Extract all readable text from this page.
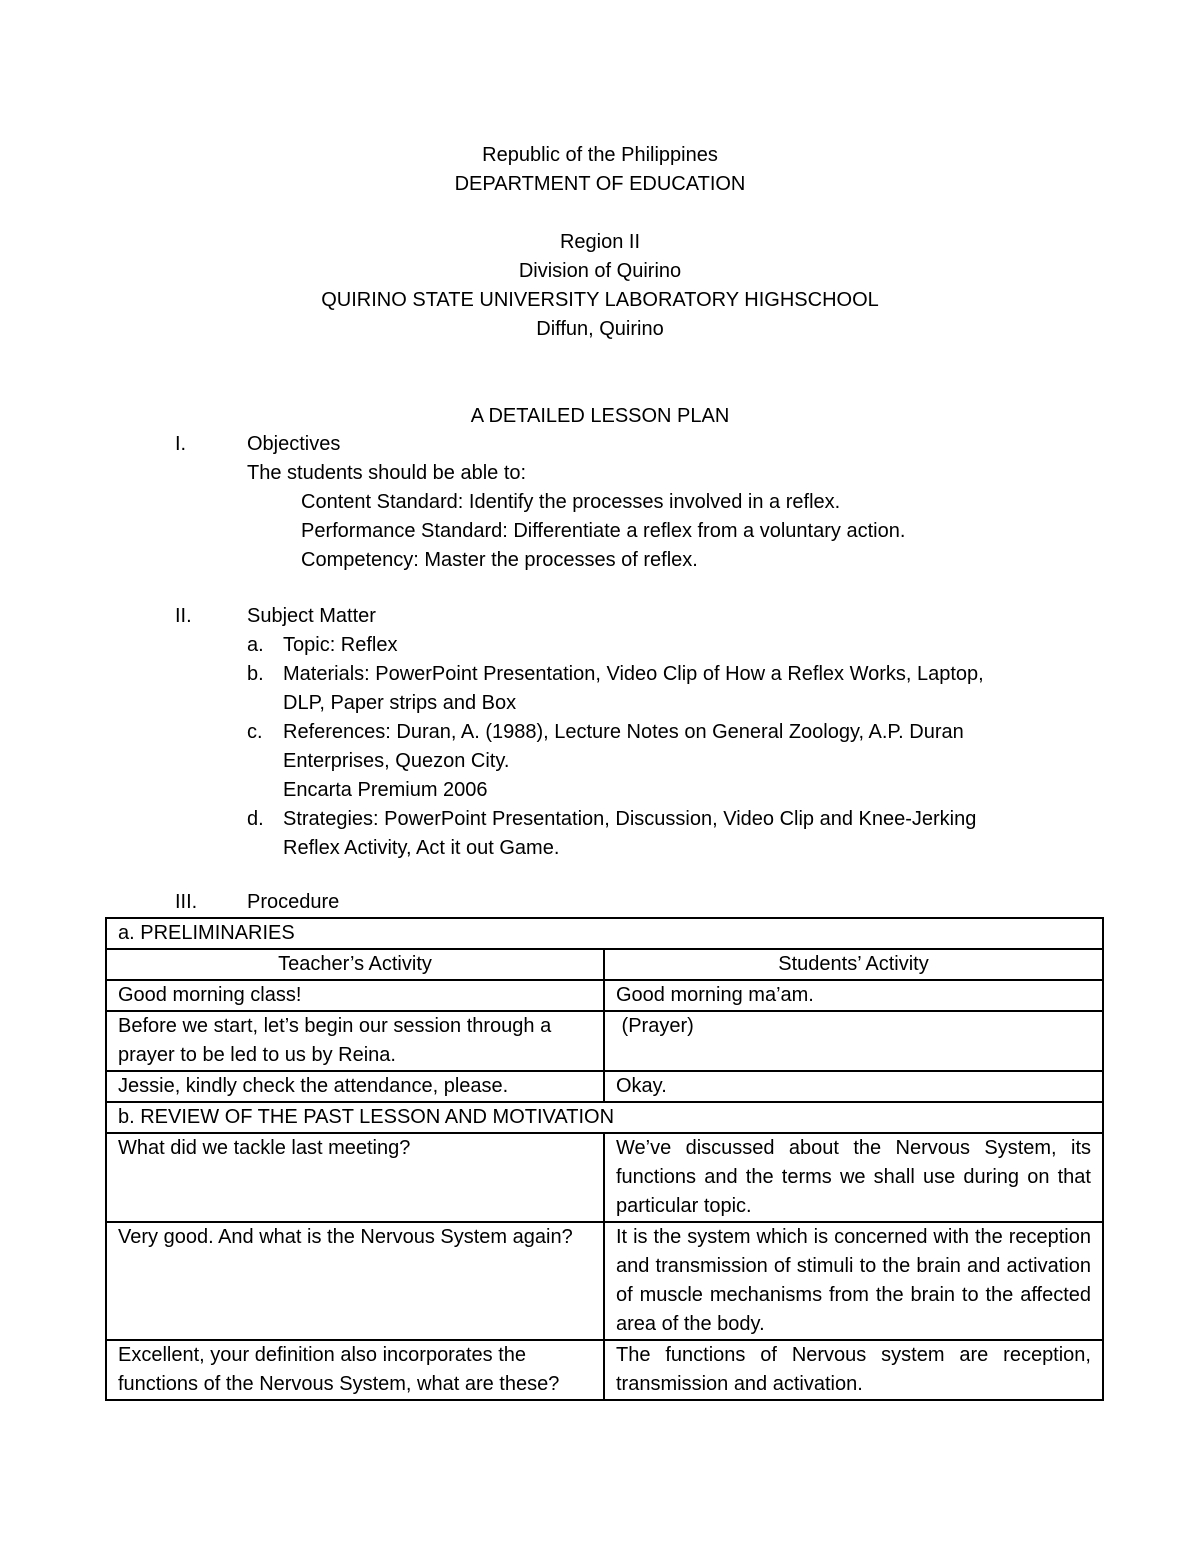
Republic of the Philippines
DEPARTMENT OF EDUCATION
Region II
Division of Quirino
QUIRINO STATE UNIVERSITY LABORATORY HIGHSCHOOL
Diffun, Quirino
A DETAILED LESSON PLAN
I.	Objectives
The students should be able to:
Content Standard: Identify the processes involved in a reflex.
Performance Standard: Differentiate a reflex from a voluntary action.
Competency: Master the processes of reflex.
II.	Subject Matter
a. Topic: Reflex
b. Materials: PowerPoint Presentation, Video Clip of How a Reflex Works, Laptop,
DLP, Paper strips and Box
c. References: Duran, A. (1988), Lecture Notes on General Zoology, A.P. Duran
Enterprises, Quezon City.
Encarta Premium 2006
d. Strategies: PowerPoint Presentation, Discussion, Video Clip and Knee-Jerking
Reflex Activity, Act it out Game.
III. Procedure
a. PRELIMINARIES	
Teacher’s Activity	Students’ Activity
Good morning class!	Good morning ma’am.
Before we start, let’s begin our session through a prayer to be led to us by Reina.	(Prayer)
Jessie, kindly check the attendance, please.	Okay.
b. REVIEW OF THE PAST LESSON AND MOTIVATION	
What did we tackle last meeting?	We’ve discussed about the Nervous System, its functions and the terms we shall use during on that particular topic.
Very good. And what is the Nervous System again?	It is the system which is concerned with the reception and transmission of stimuli to the brain and activation of muscle mechanisms from the brain to the affected area of the body.
Excellent, your definition also incorporates the functions of the Nervous System, what are these?	The functions of Nervous system are reception, transmission and activation.
